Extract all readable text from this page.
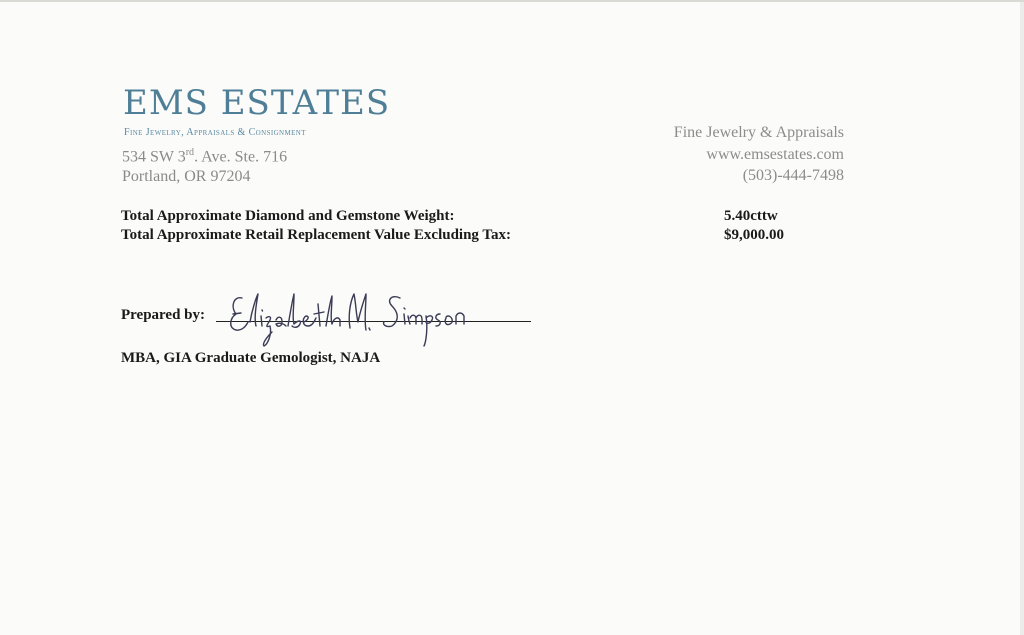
EMS ESTATES
Fine Jewelry, Appraisals & Consignment
534 SW 3rd. Ave. Ste. 716
Portland, OR 97204
Fine Jewelry & Appraisals
www.emsestates.com
(503)-444-7498
Total Approximate Diamond and Gemstone Weight:	5.40cttw
Total Approximate Retail Replacement Value Excluding Tax:	$9,000.00
Prepared by:
MBA, GIA Graduate Gemologist, NAJA
